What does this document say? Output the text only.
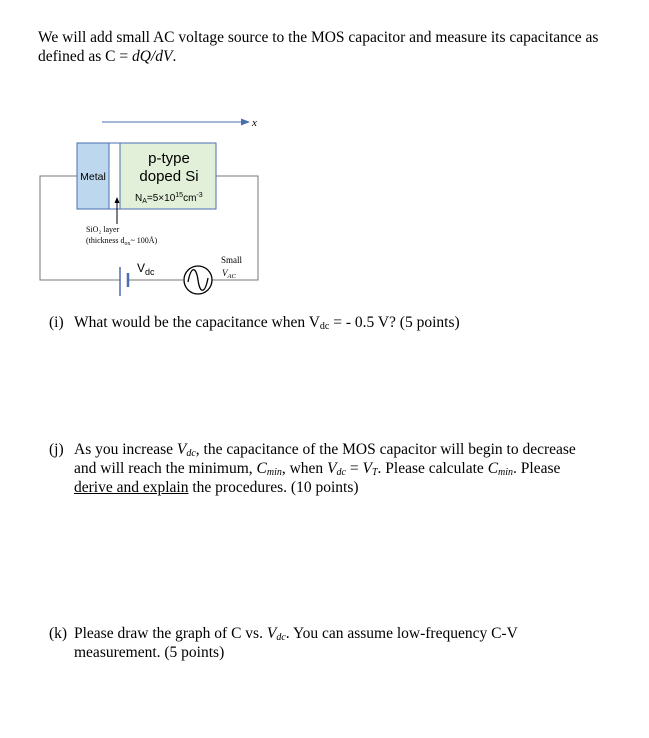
We will add small AC voltage source to the MOS capacitor and measure its capacitance as defined as C = dQ/dV.
x
Metal
p-type
doped Si
$N_A=5\times 10^{15}cm^{-3}$
SiO₂ layer
(thickness $d_{ox}\sim$ 100Å)
$V_{dc}$
Small
$V_{AC}$
(i) What would be the capacitance when $V_{dc}$ = - 0.5 V? (5 points)
(j) As you increase $V_{dc}$, the capacitance of the MOS capacitor will begin to decrease
and will reach the minimum, $C_{min}$, when $V_{dc} = V_T$. Please calculate $C_{min}$. Please
derive and explain the procedures. (10 points)
(k) Please draw the graph of C vs. $V_{dc}$. You can assume low-frequency C-V
measurement. (5 points)
